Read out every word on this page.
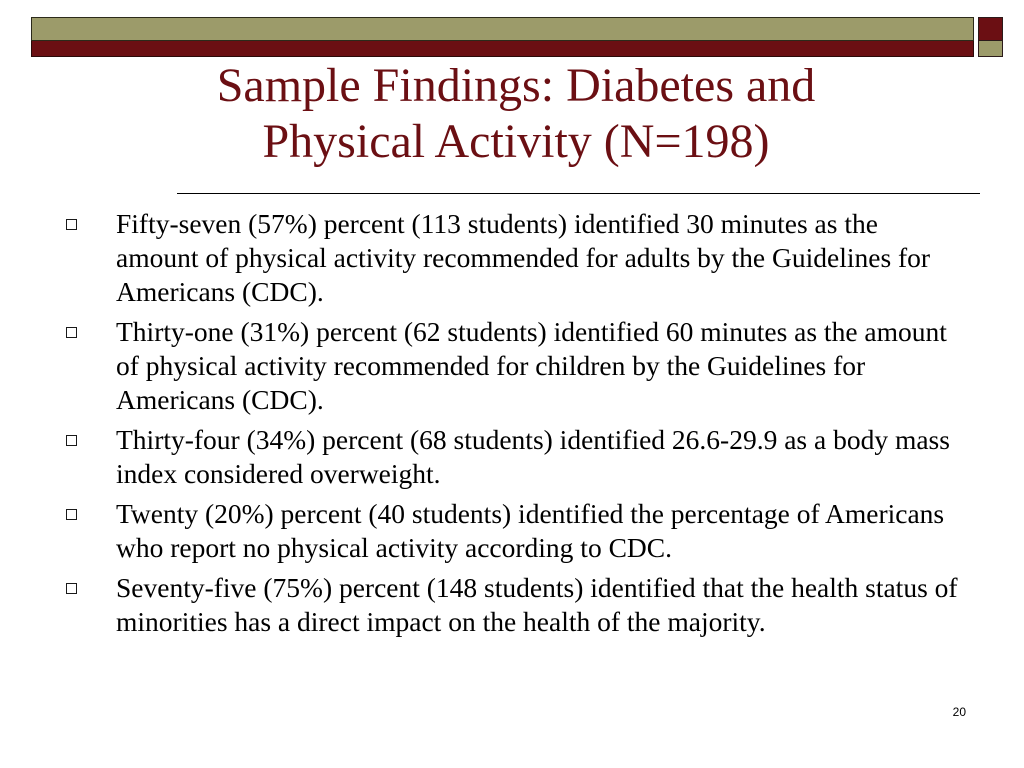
Sample Findings: Diabetes and
Physical Activity (N=198)
Fifty-seven (57%) percent (113 students) identified 30 minutes as the amount of physical activity recommended for adults by the Guidelines for Americans (CDC).
Thirty-one (31%) percent (62 students) identified 60 minutes as the amount of physical activity recommended for children by the Guidelines for Americans (CDC).
Thirty-four (34%) percent (68 students) identified 26.6-29.9 as a body mass index considered overweight.
Twenty (20%) percent (40 students) identified the percentage of Americans who report no physical activity according to CDC.
Seventy-five (75%) percent (148 students) identified that the health status of minorities has a direct impact on the health of the majority.
20
